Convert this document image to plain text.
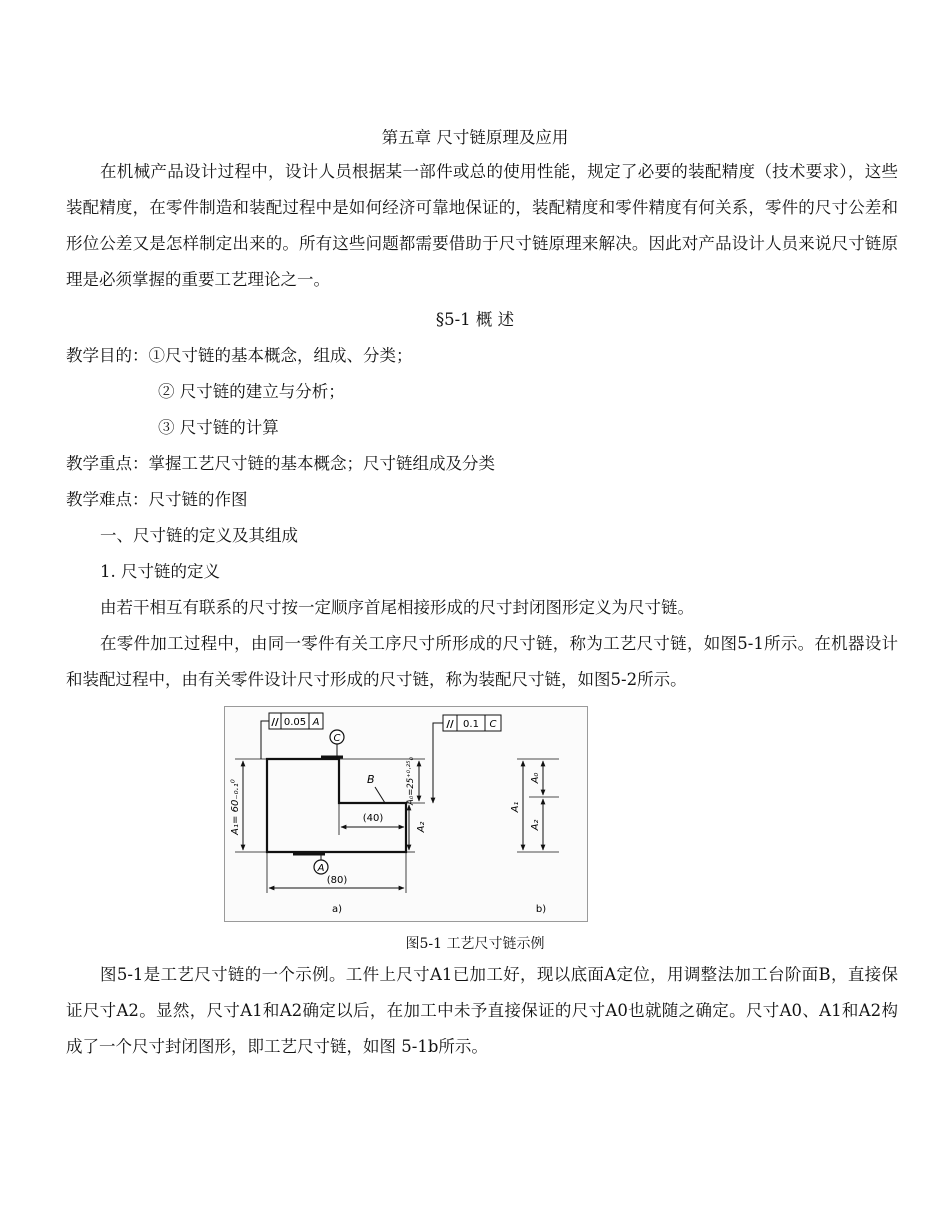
第五章 尺寸链原理及应用
在机械产品设计过程中，设计人员根据某一部件或总的使用性能，规定了必要的装配精度（技术要求），这些装配精度，在零件制造和装配过程中是如何经济可靠地保证的，装配精度和零件精度有何关系，零件的尺寸公差和形位公差又是怎样制定出来的。所有这些问题都需要借助于尺寸链原理来解决。因此对产品设计人员来说尺寸链原理是必须掌握的重要工艺理论之一。
§5-1 概 述
教学目的：①尺寸链的基本概念，组成、分类；
② 尺寸链的建立与分析；
③ 尺寸链的计算
教学重点：掌握工艺尺寸链的基本概念；尺寸链组成及分类
教学难点：尺寸链的作图
一、尺寸链的定义及其组成
1. 尺寸链的定义
由若干相互有联系的尺寸按一定顺序首尾相接形成的尺寸封闭图形定义为尺寸链。
在零件加工过程中，由同一零件有关工序尺寸所形成的尺寸链，称为工艺尺寸链，如图5-1所示。在机器设计和装配过程中，由有关零件设计尺寸形成的尺寸链，称为装配尺寸链，如图5-2所示。
// 0.05 A	// 0.1 C
C
A
B
A₁= 60₋₀.₁⁰	A₀=25⁺⁰·²⁵₀
A₂
(40)
(80)
a)
A₁
A₀
A₂
b)
图5-1 工艺尺寸链示例
图5-1是工艺尺寸链的一个示例。工件上尺寸A1已加工好，现以底面A定位，用调整法加工台阶面B，直接保证尺寸A2。显然，尺寸A1和A2确定以后，在加工中未予直接保证的尺寸A0也就随之确定。尺寸A0、A1和A2构成了一个尺寸封闭图形，即工艺尺寸链，如图 5-1b所示。
